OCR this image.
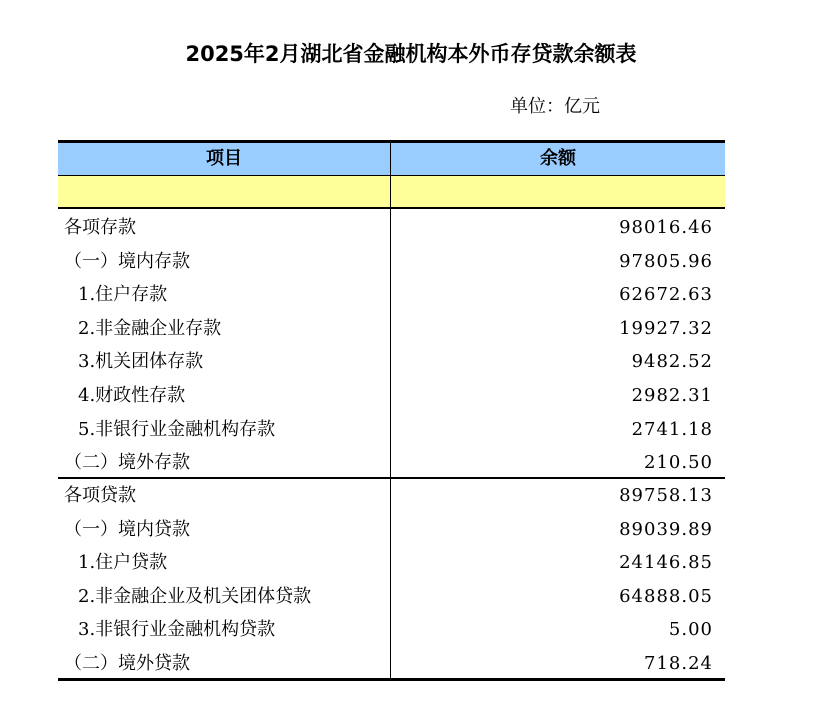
2025年2月湖北省金融机构本外币存贷款余额表
单位：亿元
项目	余额
各项存款	98016.46
（一）境内存款	97805.96
1.住户存款	62672.63
2.非金融企业存款	19927.32
3.机关团体存款	9482.52
4.财政性存款	2982.31
5.非银行业金融机构存款	2741.18
（二）境外存款	210.50
各项贷款	89758.13
（一）境内贷款	89039.89
1.住户贷款	24146.85
2.非金融企业及机关团体贷款	64888.05
3.非银行业金融机构贷款	5.00
（二）境外贷款	718.24
